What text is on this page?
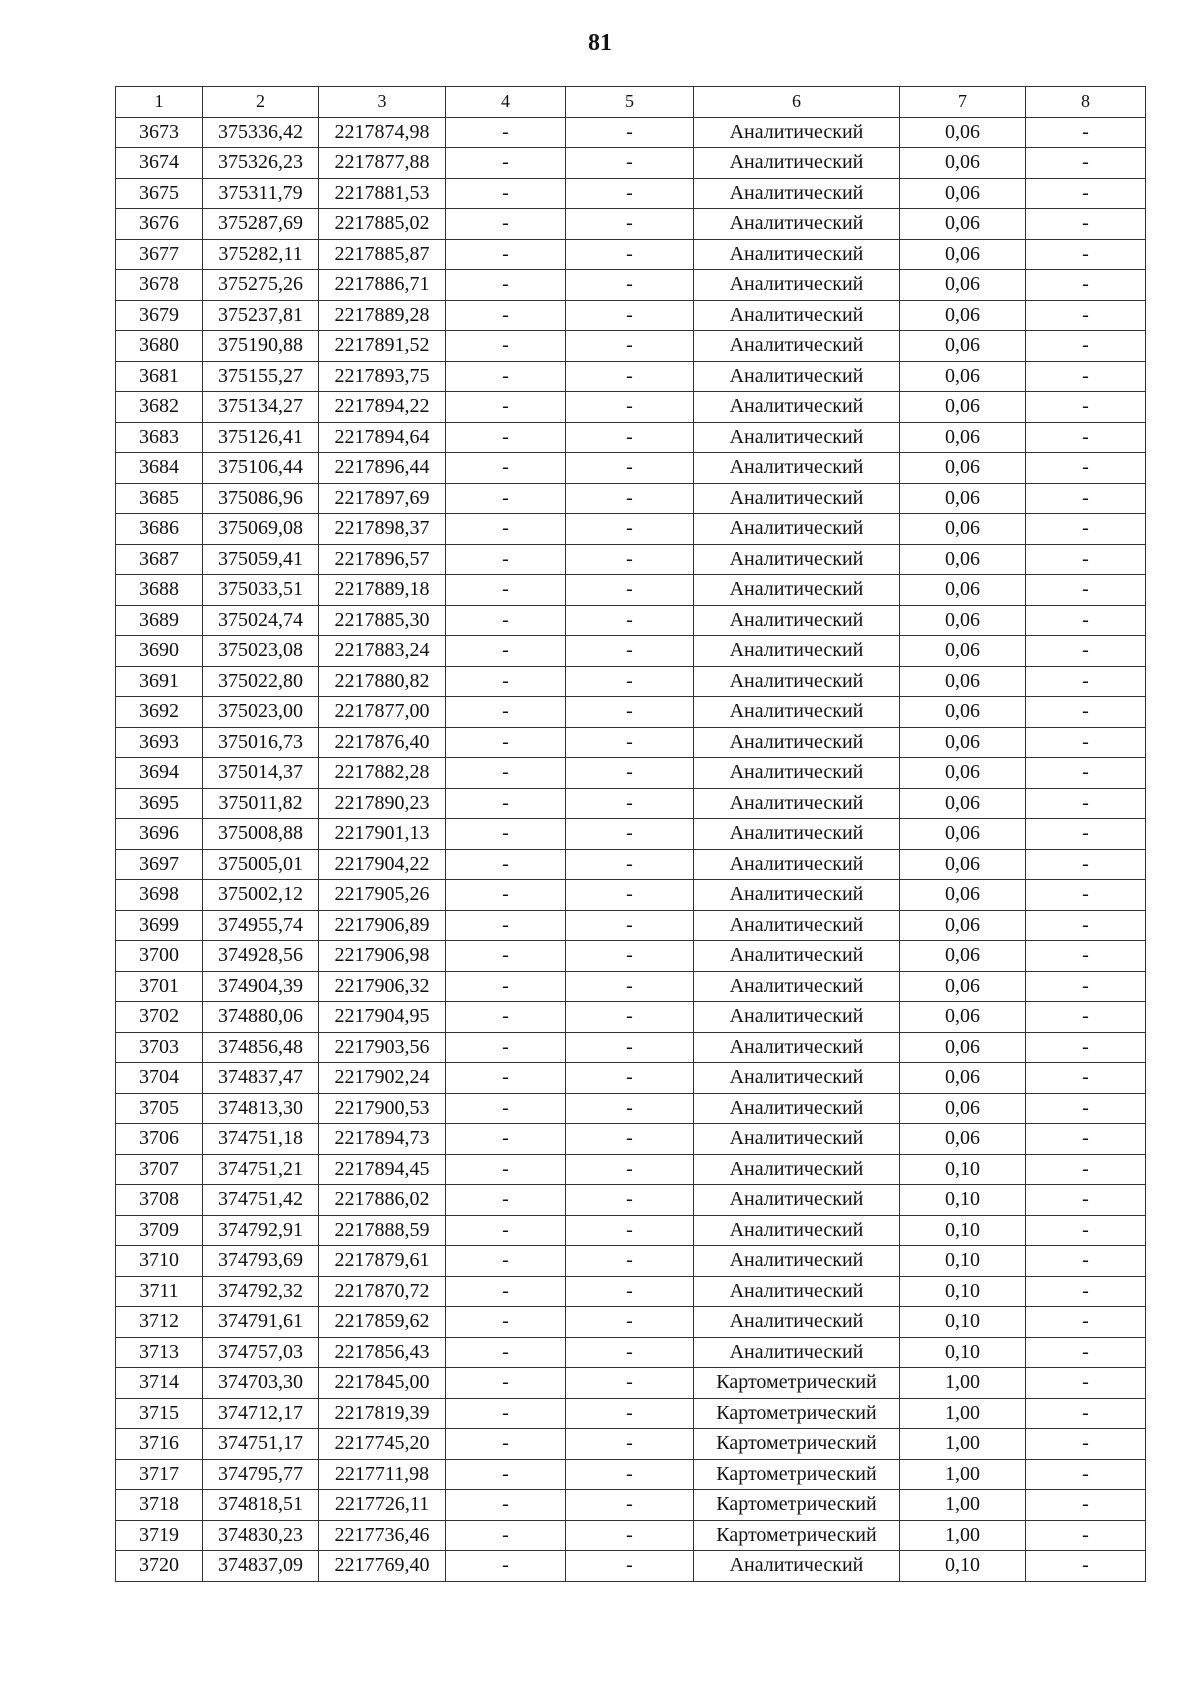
81
1	2	3	4	5	6	7	8
3673	375336,42	2217874,98	-	-	Аналитический	0,06	-
3674	375326,23	2217877,88	-	-	Аналитический	0,06	-
3675	375311,79	2217881,53	-	-	Аналитический	0,06	-
3676	375287,69	2217885,02	-	-	Аналитический	0,06	-
3677	375282,11	2217885,87	-	-	Аналитический	0,06	-
3678	375275,26	2217886,71	-	-	Аналитический	0,06	-
3679	375237,81	2217889,28	-	-	Аналитический	0,06	-
3680	375190,88	2217891,52	-	-	Аналитический	0,06	-
3681	375155,27	2217893,75	-	-	Аналитический	0,06	-
3682	375134,27	2217894,22	-	-	Аналитический	0,06	-
3683	375126,41	2217894,64	-	-	Аналитический	0,06	-
3684	375106,44	2217896,44	-	-	Аналитический	0,06	-
3685	375086,96	2217897,69	-	-	Аналитический	0,06	-
3686	375069,08	2217898,37	-	-	Аналитический	0,06	-
3687	375059,41	2217896,57	-	-	Аналитический	0,06	-
3688	375033,51	2217889,18	-	-	Аналитический	0,06	-
3689	375024,74	2217885,30	-	-	Аналитический	0,06	-
3690	375023,08	2217883,24	-	-	Аналитический	0,06	-
3691	375022,80	2217880,82	-	-	Аналитический	0,06	-
3692	375023,00	2217877,00	-	-	Аналитический	0,06	-
3693	375016,73	2217876,40	-	-	Аналитический	0,06	-
3694	375014,37	2217882,28	-	-	Аналитический	0,06	-
3695	375011,82	2217890,23	-	-	Аналитический	0,06	-
3696	375008,88	2217901,13	-	-	Аналитический	0,06	-
3697	375005,01	2217904,22	-	-	Аналитический	0,06	-
3698	375002,12	2217905,26	-	-	Аналитический	0,06	-
3699	374955,74	2217906,89	-	-	Аналитический	0,06	-
3700	374928,56	2217906,98	-	-	Аналитический	0,06	-
3701	374904,39	2217906,32	-	-	Аналитический	0,06	-
3702	374880,06	2217904,95	-	-	Аналитический	0,06	-
3703	374856,48	2217903,56	-	-	Аналитический	0,06	-
3704	374837,47	2217902,24	-	-	Аналитический	0,06	-
3705	374813,30	2217900,53	-	-	Аналитический	0,06	-
3706	374751,18	2217894,73	-	-	Аналитический	0,06	-
3707	374751,21	2217894,45	-	-	Аналитический	0,10	-
3708	374751,42	2217886,02	-	-	Аналитический	0,10	-
3709	374792,91	2217888,59	-	-	Аналитический	0,10	-
3710	374793,69	2217879,61	-	-	Аналитический	0,10	-
3711	374792,32	2217870,72	-	-	Аналитический	0,10	-
3712	374791,61	2217859,62	-	-	Аналитический	0,10	-
3713	374757,03	2217856,43	-	-	Аналитический	0,10	-
3714	374703,30	2217845,00	-	-	Картометрический	1,00	-
3715	374712,17	2217819,39	-	-	Картометрический	1,00	-
3716	374751,17	2217745,20	-	-	Картометрический	1,00	-
3717	374795,77	2217711,98	-	-	Картометрический	1,00	-
3718	374818,51	2217726,11	-	-	Картометрический	1,00	-
3719	374830,23	2217736,46	-	-	Картометрический	1,00	-
3720	374837,09	2217769,40	-	-	Аналитический	0,10	-
